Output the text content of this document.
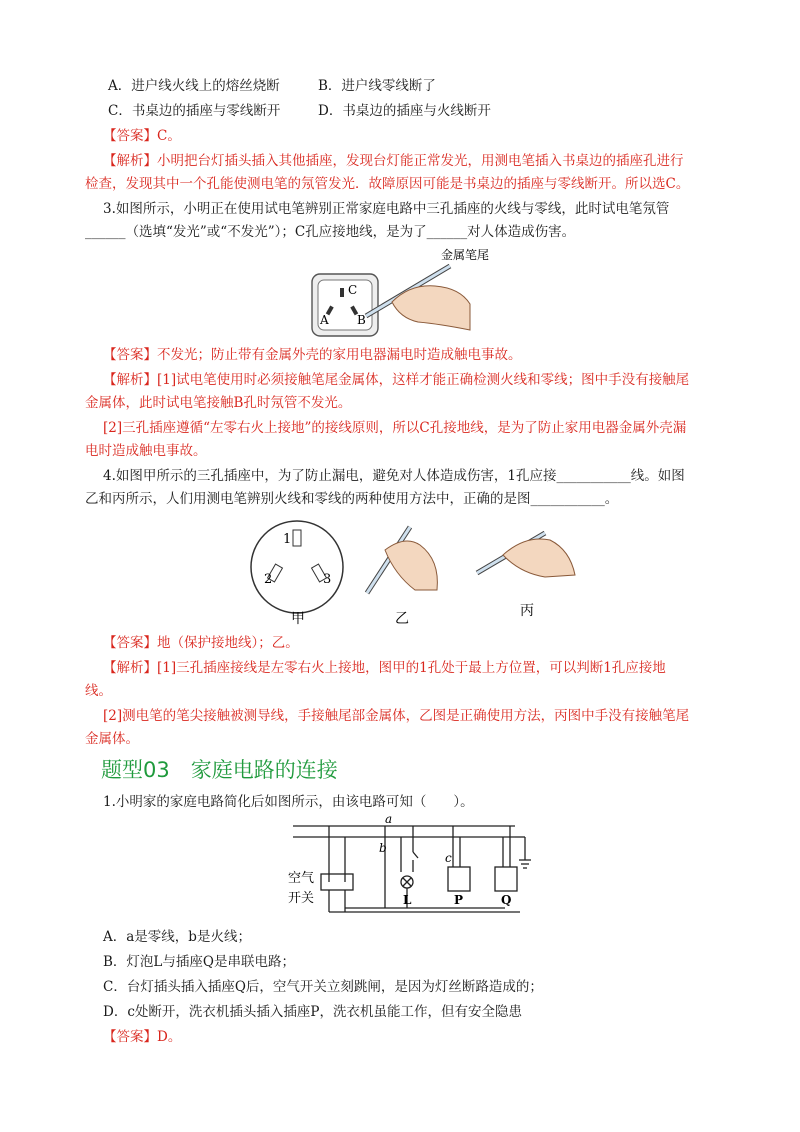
A．进户线火线上的熔丝烧断	B．进户线零线断了
C．书桌边的插座与零线断开	D．书桌边的插座与火线断开
【答案】C。
【解析】小明把台灯插头插入其他插座，发现台灯能正常发光，用测电笔插入书桌边的插座孔进行
检查，发现其中一个孔能使测电笔的氖管发光．故障原因可能是书桌边的插座与零线断开。所以选C。
3.如图所示，小明正在使用试电笔辨别正常家庭电路中三孔插座的火线与零线，此时试电笔氖管
______（选填“发光”或“不发光”）；C孔应接地线，是为了______对人体造成伤害。
金属笔尾
C
A B
【答案】不发光；防止带有金属外壳的家用电器漏电时造成触电事故。
【解析】[1]试电笔使用时必须接触笔尾金属体，这样才能正确检测火线和零线；图中手没有接触尾
金属体，此时试电笔接触B孔时氖管不发光。
[2]三孔插座遵循“左零右火上接地”的接线原则，所以C孔接地线，是为了防止家用电器金属外壳漏
电时造成触电事故。
4.如图甲所示的三孔插座中，为了防止漏电，避免对人体造成伤害，1孔应接___________线。如图
乙和丙所示，人们用测电笔辨别火线和零线的两种使用方法中，正确的是图___________。
1
2	3
甲	乙	丙
【答案】地（保护接地线）；乙。
【解析】[1]三孔插座接线是左零右火上接地，图甲的1孔处于最上方位置，可以判断1孔应接地
线。
[2]测电笔的笔尖接触被测导线，手接触尾部金属体，乙图是正确使用方法，丙图中手没有接触笔尾
金属体。
题型03　家庭电路的连接
1.小明家的家庭电路简化后如图所示，由该电路可知（　　）。
a
b
c
空气
开关	L	P	Q
A．a是零线，b是火线；
B．灯泡L与插座Q是串联电路；
C．台灯插头插入插座Q后，空气开关立刻跳闸，是因为灯丝断路造成的；
D．c处断开，洗衣机插头插入插座P，洗衣机虽能工作，但有安全隐患
【答案】D。
